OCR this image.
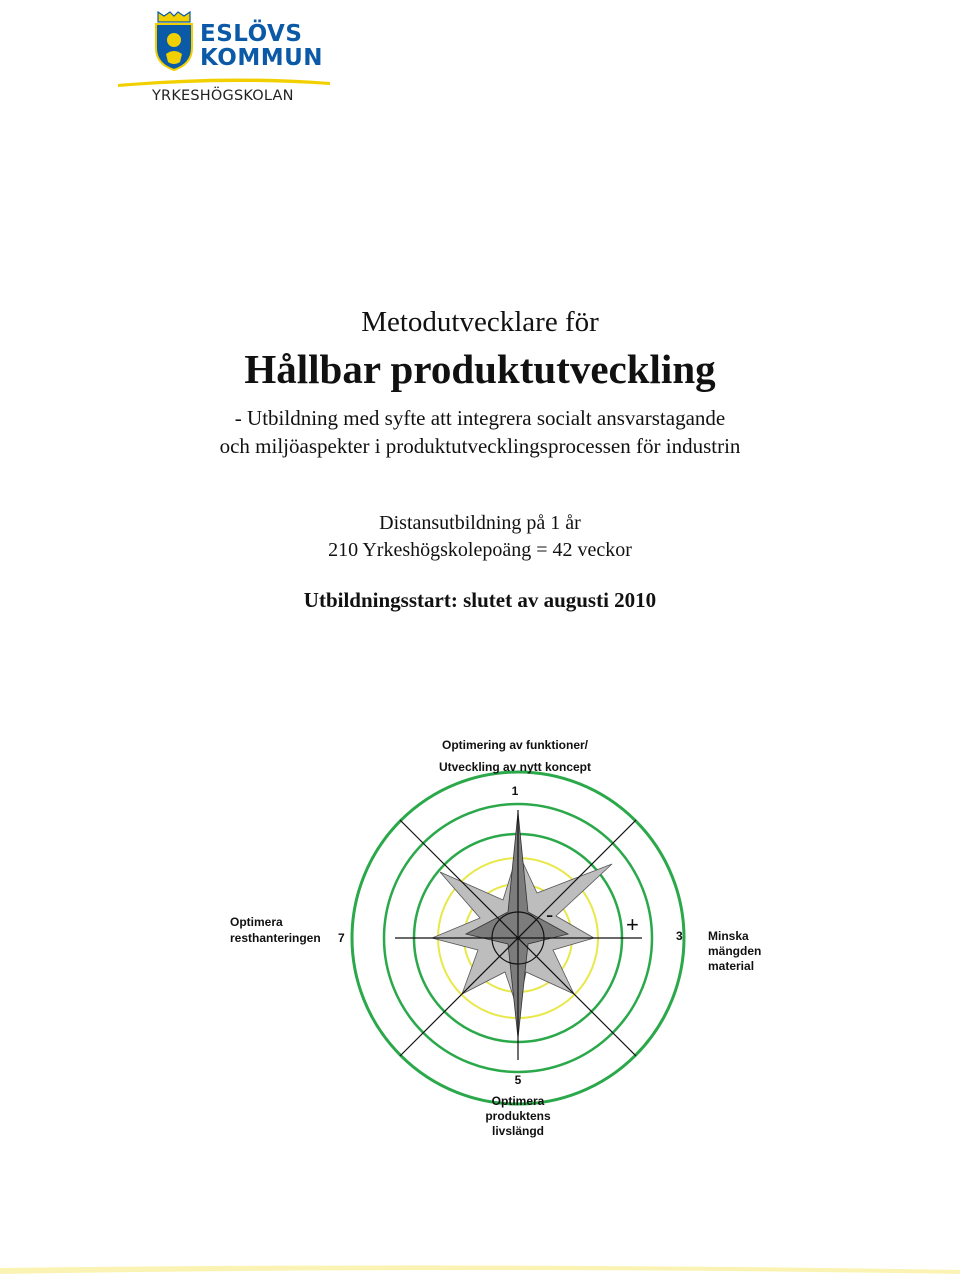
ESLÖVS
KOMMUN

YRKESHÖGSKOLAN

Metodutvecklare för

Hållbar produktutveckling

- Utbildning med syfte att integrera socialt ansvarstagande

och miljöaspekter i produktutvecklingsprocessen för industrin

Distansutbildning på 1 år

210 Yrkeshögskolepoäng = 42 veckor

Utbildningsstart: slutet av augusti 2010

-	+
Optimering av funktioner/
Utveckling av nytt koncept
1
Optimera
resthanteringen 7	3 Minska
mängden
material
5
Optimera
produktens
livslängd
